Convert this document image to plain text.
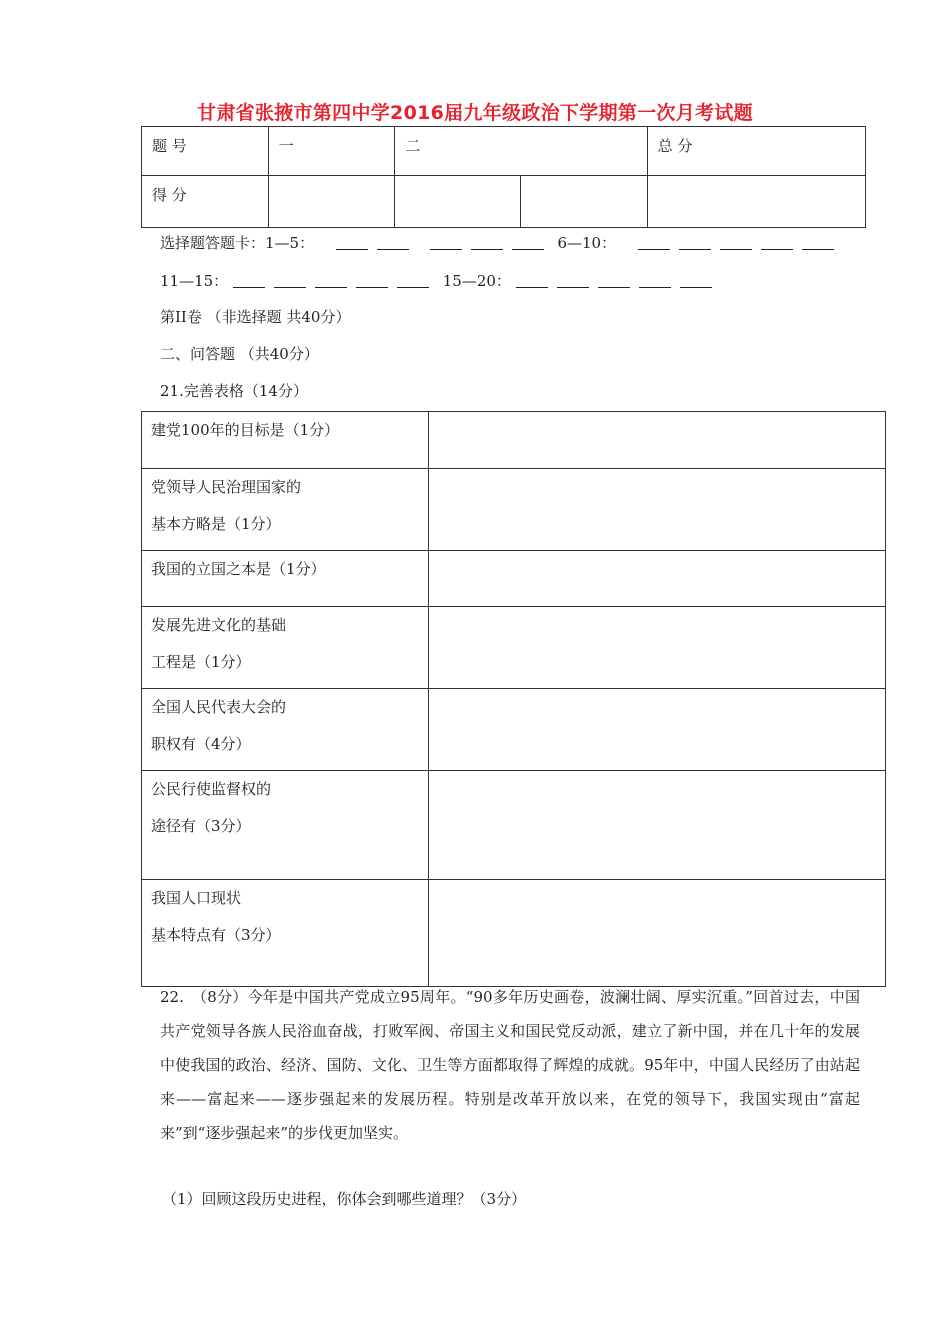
甘肃省张掖市第四中学2016届九年级政治下学期第一次月考试题
题 号	一	二		总 分
得 分				
选择题答题卡：1—5：	6—10：
11—15：	15—20：
第II卷 （非选择题 共40分）
二、问答题 （共40分）
21.完善表格（14分）
建党100年的目标是（1分）	

党领导人民治理国家的
基本方略是（1分）	

我国的立国之本是（1分）	

发展先进文化的基础
工程是（1分）	

全国人民代表大会的
职权有（4分）	

公民行使监督权的
途径有（3分）	

我国人口现状
基本特点有（3分）	

22.　（8分）今年是中国共产党成立95周年。“90多年历史画卷，波澜壮阔、厚实沉重。”回首过去，中国共产党领导各族人民浴血奋战，打败军阀、帝国主义和国民党反动派，建立了新中国，并在几十年的发展中使我国的政治、经济、国防、文化、卫生等方面都取得了辉煌的成就。95年中，中国人民经历了由站起来——富起来——逐步强起来的发展历程。特别是改革开放以来，在党的领导下，我国实现由“富起来”到“逐步强起来”的步伐更加坚实。

（1）回顾这段历史进程，你体会到哪些道理？（3分）
